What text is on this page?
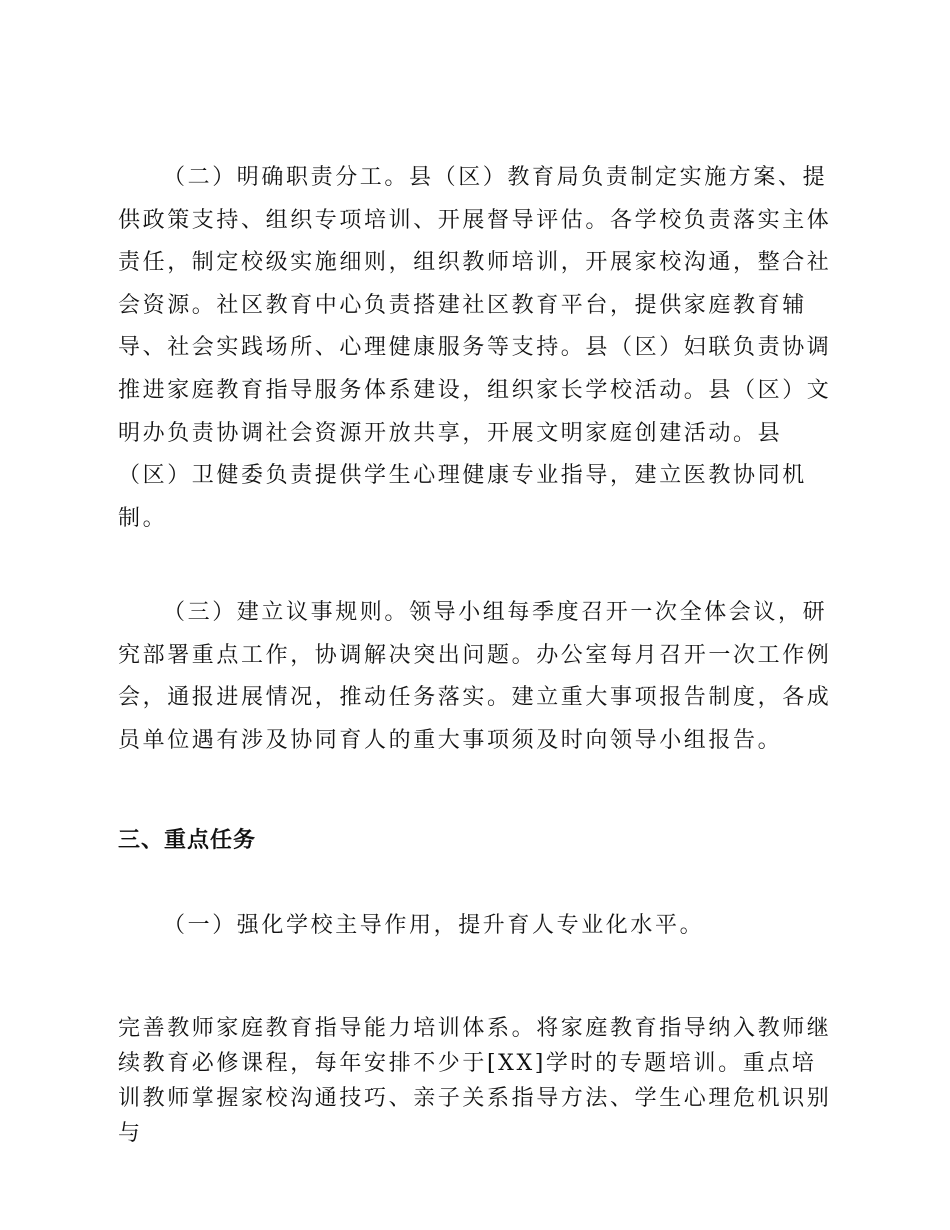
（二）明确职责分工。县（区）教育局负责制定实施方案、提供政策支持、组织专项培训、开展督导评估。各学校负责落实主体责任，制定校级实施细则，组织教师培训，开展家校沟通，整合社会资源。社区教育中心负责搭建社区教育平台，提供家庭教育辅导、社会实践场所、心理健康服务等支持。县（区）妇联负责协调推进家庭教育指导服务体系建设，组织家长学校活动。县（区）文明办负责协调社会资源开放共享，开展文明家庭创建活动。县（区）卫健委负责提供学生心理健康专业指导，建立医教协同机制。

（三）建立议事规则。领导小组每季度召开一次全体会议，研究部署重点工作，协调解决突出问题。办公室每月召开一次工作例会，通报进展情况，推动任务落实。建立重大事项报告制度，各成员单位遇有涉及协同育人的重大事项须及时向领导小组报告。

三、重点任务

（一）强化学校主导作用，提升育人专业化水平。

完善教师家庭教育指导能力培训体系。将家庭教育指导纳入教师继续教育必修课程，每年安排不少于[XX]学时的专题培训。重点培训教师掌握家校沟通技巧、亲子关系指导方法、学生心理危机识别与
